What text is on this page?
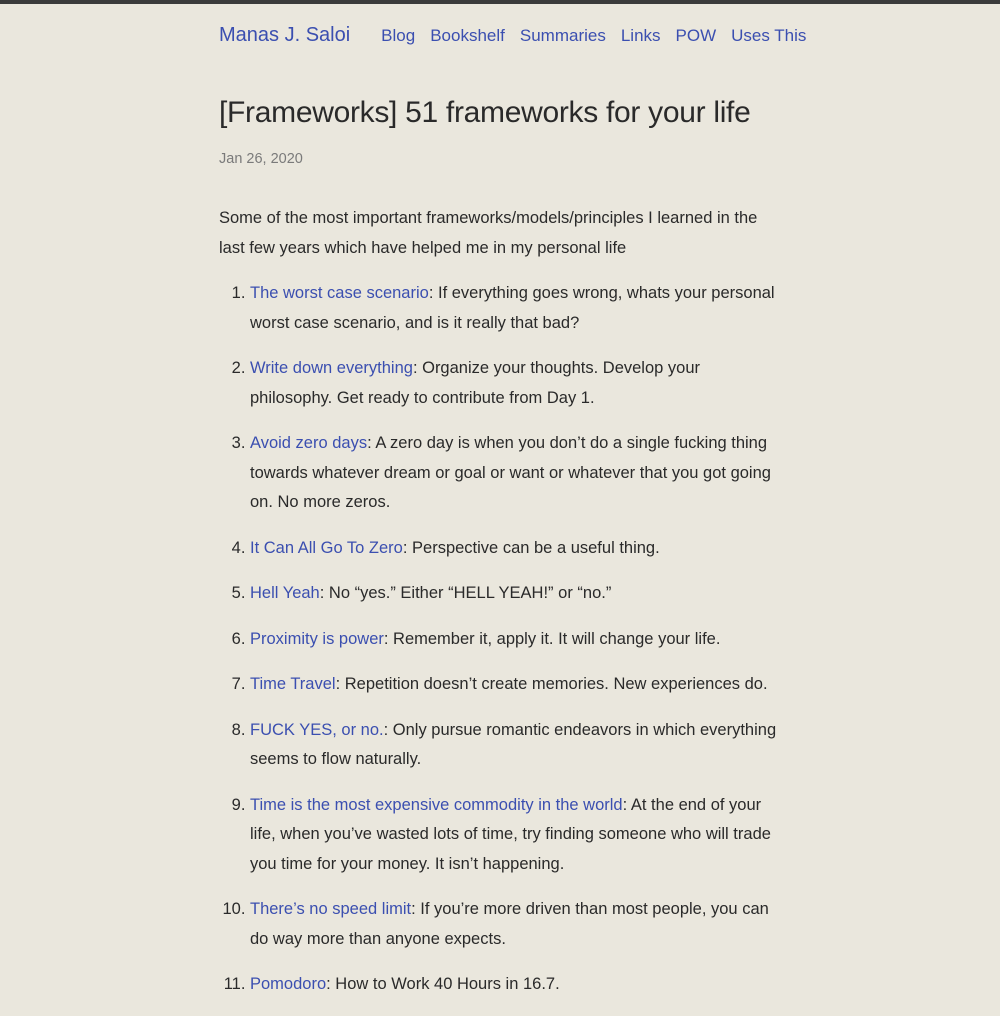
Manas J. Saloi Blog Bookshelf Summaries Links POW Uses This
[Frameworks] 51 frameworks for your life
Jan 26, 2020

Some of the most important frameworks/models/principles I learned in the last few years which have helped me in my personal life

1. The worst case scenario: If everything goes wrong, whats your personal worst case scenario, and is it really that bad?
2. Write down everything: Organize your thoughts. Develop your philosophy. Get ready to contribute from Day 1.
3. Avoid zero days: A zero day is when you don’t do a single fucking thing towards whatever dream or goal or want or whatever that you got going on. No more zeros.
4. It Can All Go To Zero: Perspective can be a useful thing.
5. Hell Yeah: No “yes.” Either “HELL YEAH!” or “no.”
6. Proximity is power: Remember it, apply it. It will change your life.
7. Time Travel: Repetition doesn’t create memories. New experiences do.
8. FUCK YES, or no.: Only pursue romantic endeavors in which everything seems to flow naturally.
9. Time is the most expensive commodity in the world: At the end of your life, when you’ve wasted lots of time, try finding someone who will trade you time for your money. It isn’t happening.
10. There’s no speed limit: If you’re more driven than most people, you can do way more than anyone expects.
11. Pomodoro: How to Work 40 Hours in 16.7.
